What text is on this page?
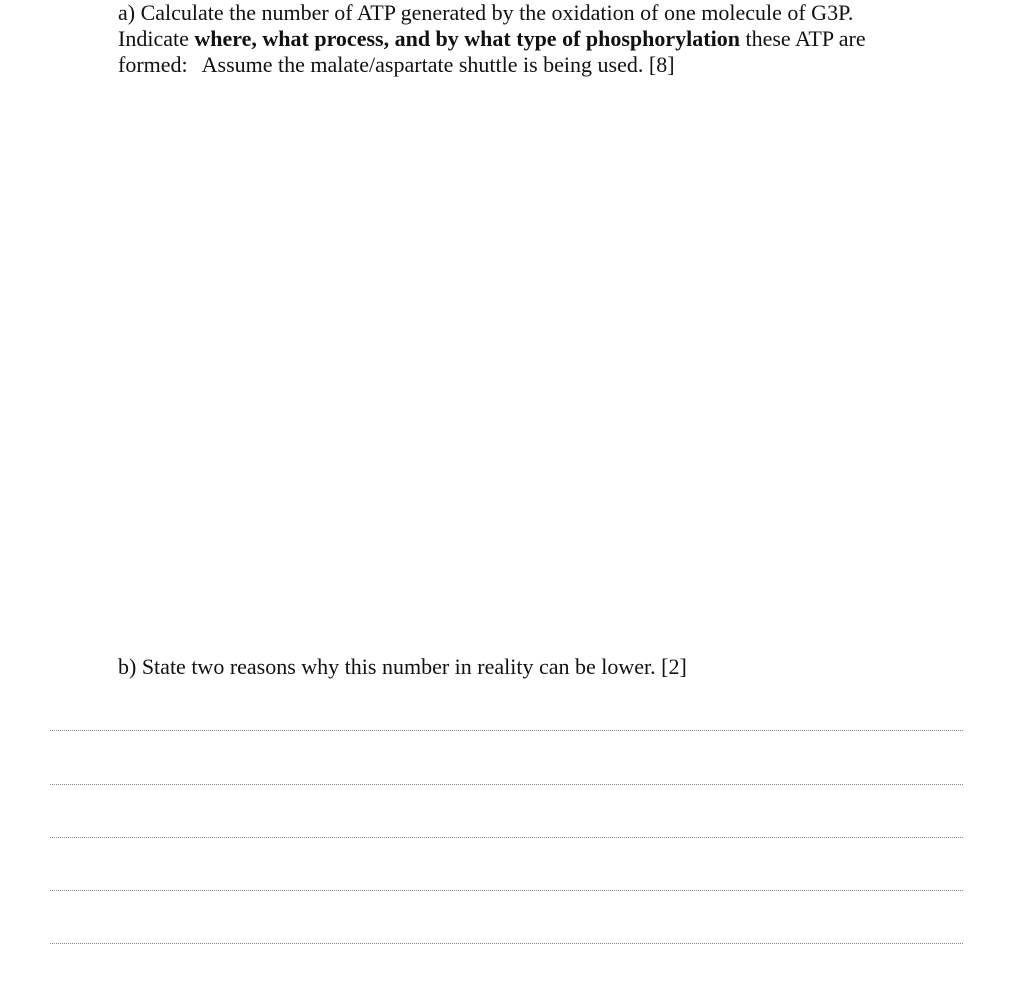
a) Calculate the number of ATP generated by the oxidation of one molecule of G3P.
Indicate where, what process, and by what type of phosphorylation these ATP are
formed: Assume the malate/aspartate shuttle is being used. [8]
b) State two reasons why this number in reality can be lower. [2]
